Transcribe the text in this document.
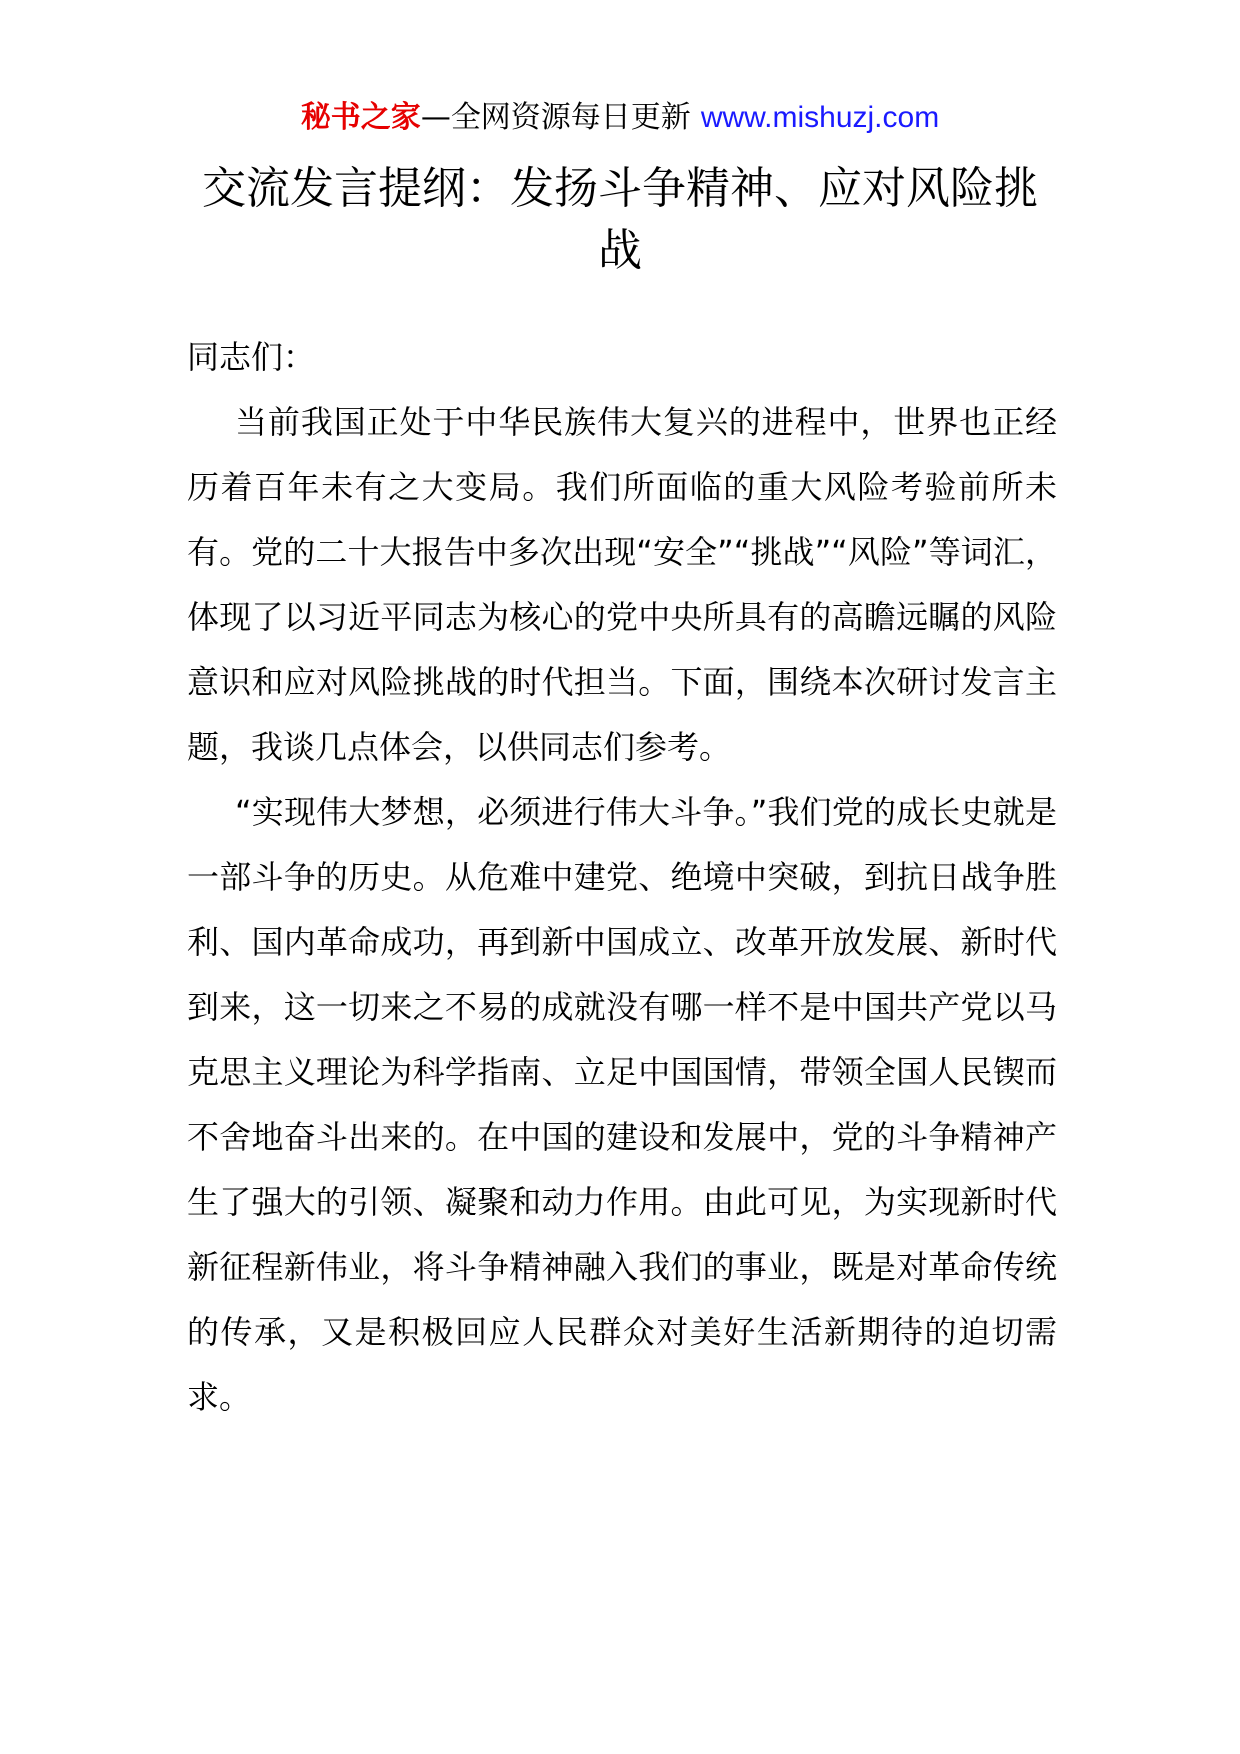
秘书之家—全网资源每日更新 www.mishuzj.com
交流发言提纲：发扬斗争精神、应对风险挑战

同志们：

当前我国正处于中华民族伟大复兴的进程中，世界也正经历着百年未有之大变局。我们所面临的重大风险考验前所未有。党的二十大报告中多次出现“安全”“挑战”“风险”等词汇，体现了以习近平同志为核心的党中央所具有的高瞻远瞩的风险意识和应对风险挑战的时代担当。下面，围绕本次研讨发言主题，我谈几点体会，以供同志们参考。

“实现伟大梦想，必须进行伟大斗争。”我们党的成长史就是一部斗争的历史。从危难中建党、绝境中突破，到抗日战争胜利、国内革命成功，再到新中国成立、改革开放发展、新时代到来，这一切来之不易的成就没有哪一样不是中国共产党以马克思主义理论为科学指南、立足中国国情，带领全国人民锲而不舍地奋斗出来的。在中国的建设和发展中，党的斗争精神产生了强大的引领、凝聚和动力作用。由此可见，为实现新时代新征程新伟业，将斗争精神融入我们的事业，既是对革命传统的传承，又是积极回应人民群众对美好生活新期待的迫切需求。
